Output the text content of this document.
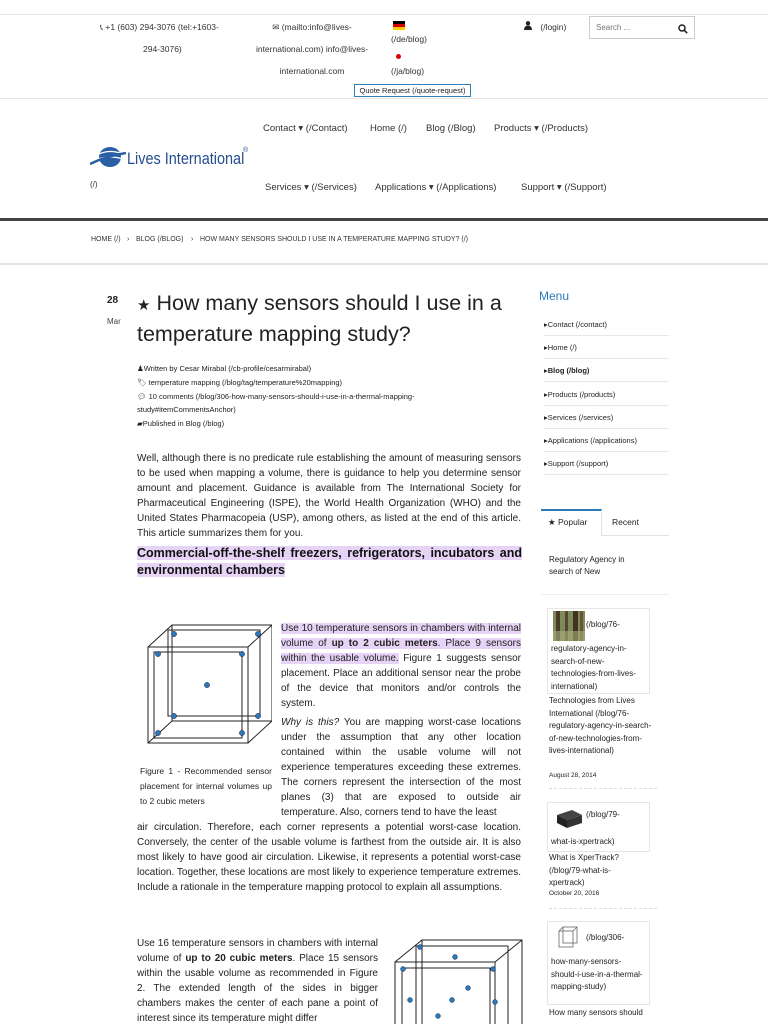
📞︎ +1 (603) 294-3076 (tel:+1603-
294-3076)
✉ (mailto:info@lives-
international.com) info@lives-
international.com
(/de/blog)
(/ja/blog)
Quote Request (/quote-request)
(/login)
Search ...
Lives International
®
(/)
Contact ▾ (/Contact) Home (/) Blog (/Blog) Products ▾ (/Products)
Services ▾ (/Services) Applications ▾ (/Applications)	Support ▾ (/Support)
HOME (/) › BLOG (/BLOG) › HOW MANY SENSORS SHOULD I USE IN A TEMPERATURE MAPPING STUDY? (/)
28
Mar
★ How many sensors should I use in a temperature mapping study?
♟Written by Cesar Mirabal (/cb-profile/cesarmirabal)
🏷︎ temperature mapping (/blog/tag/temperature%20mapping)
💬︎ 10 comments (/blog/306-how-many-sensors-should-i-use-in-a-thermal-mapping-
study#itemCommentsAnchor)
▰Published in Blog (/blog)

Well, although there is no predicate rule establishing the amount of measuring sensors to be used when mapping a volume, there is guidance to help you determine sensor amount and placement. Guidance is available from The International Society for Pharmaceutical Engineering (ISPE), the World Health Organization (WHO) and the United States Pharmacopeia (USP), among others, as listed at the end of this article. This article summarizes them for you.

Commercial-off-the-shelf freezers, refrigerators, incubators and environmental chambers
Figure 1 - Recommended sensor placement for internal volumes up to 2 cubic meters

Use 10 temperature sensors in chambers with internal volume of up to 2 cubic meters. Place 9 sensors within the usable volume. Figure 1 suggests sensor placement. Place an additional sensor near the probe of the device that monitors and/or controls the system.

Why is this? You are mapping worst-case locations under the assumption that any other location contained within the usable volume will not experience temperatures exceeding these extremes. The corners represent the intersection of the most planes (3) that are exposed to outside air temperature. Also, corners tend to have the least

air circulation. Therefore, each corner represents a potential worst-case location. Conversely, the center of the usable volume is farthest from the outside air. It is also most likely to have good air circulation. Likewise, it represents a potential worst-case location. Together, these locations are most likely to experience temperature extremes. Include a rationale in the temperature mapping protocol to explain all assumptions.

Use 16 temperature sensors in chambers with internal volume of up to 20 cubic meters. Place 15 sensors within the usable volume as recommended in Figure 2. The extended length of the sides in bigger chambers makes the center of each pane a point of interest since its temperature might differ

Menu
▸Contact (/contact)
▸Home (/)
▸Blog (/blog)
▸Products (/products)
▸Services (/services)
▸Applications (/applications)
▸Support (/support)
★ Popular	Recent
Regulatory Agency in search of New
(/blog/76-
regulatory-agency-in-search-of-new-technologies-from-lives-international)
Technologies from Lives International (/blog/76-regulatory-agency-in-search-of-new-technologies-from-lives-international)
August 28, 2014
(/blog/79-
what-is-xpertrack)
What is XperTrack? (/blog/79-what-is-xpertrack)
October 20, 2016
(/blog/306-
how-many-sensors-should-i-use-in-a-thermal-mapping-study)
How many sensors should
